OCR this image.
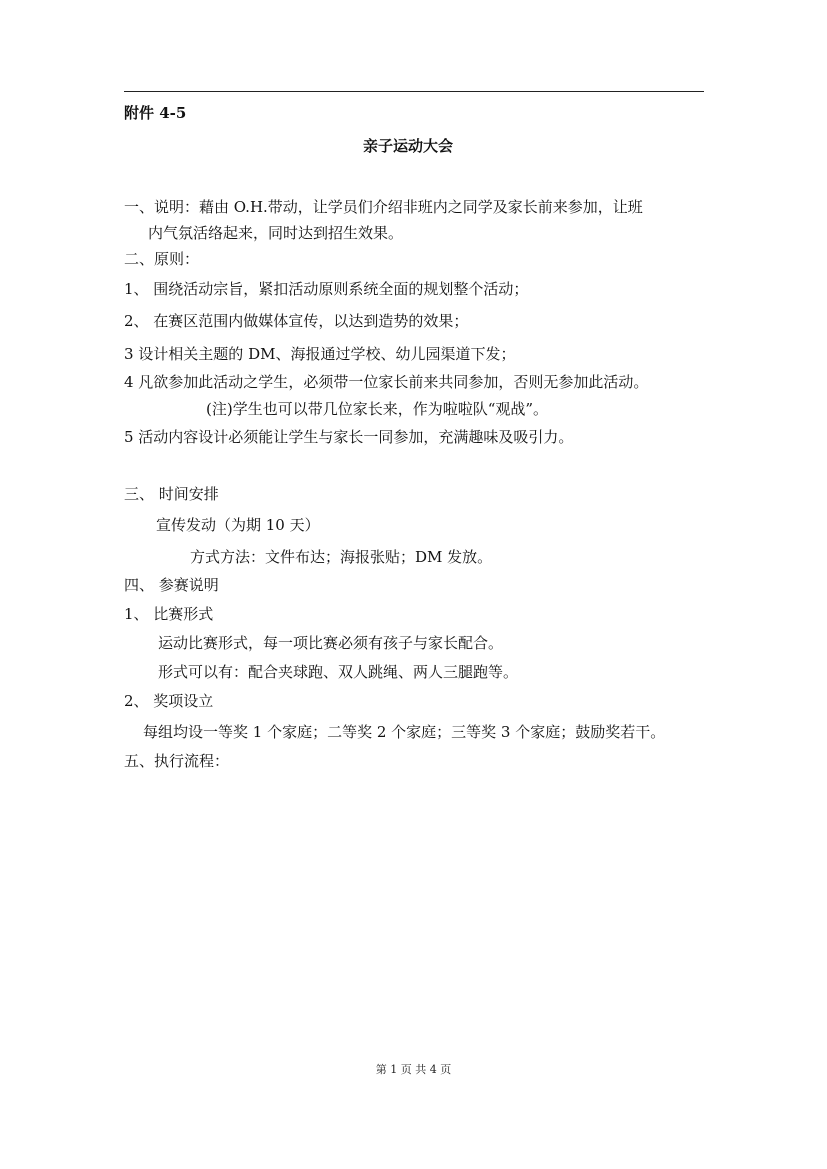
附件 4-5
亲子运动大会
一、说明：藉由 O.H.带动，让学员们介绍非班内之同学及家长前来参加，让班
内气氛活络起来，同时达到招生效果。
二、原则：
1、 围绕活动宗旨，紧扣活动原则系统全面的规划整个活动；
2、 在赛区范围内做媒体宣传，以达到造势的效果；
3 设计相关主题的 DM、海报通过学校、幼儿园渠道下发；
4 凡欲参加此活动之学生，必须带一位家长前来共同参加，否则无参加此活动。
(注)学生也可以带几位家长来，作为啦啦队“观战”。
5 活动内容设计必须能让学生与家长一同参加，充满趣味及吸引力。
三、 时间安排
宣传发动（为期 10 天）
方式方法：文件布达；海报张贴；DM 发放。
四、 参赛说明
1、 比赛形式
运动比赛形式，每一项比赛必须有孩子与家长配合。
形式可以有：配合夹球跑、双人跳绳、两人三腿跑等。
2、 奖项设立
每组均设一等奖 1 个家庭；二等奖 2 个家庭；三等奖 3 个家庭；鼓励奖若干。
五、执行流程：
第 1 页 共 4 页
